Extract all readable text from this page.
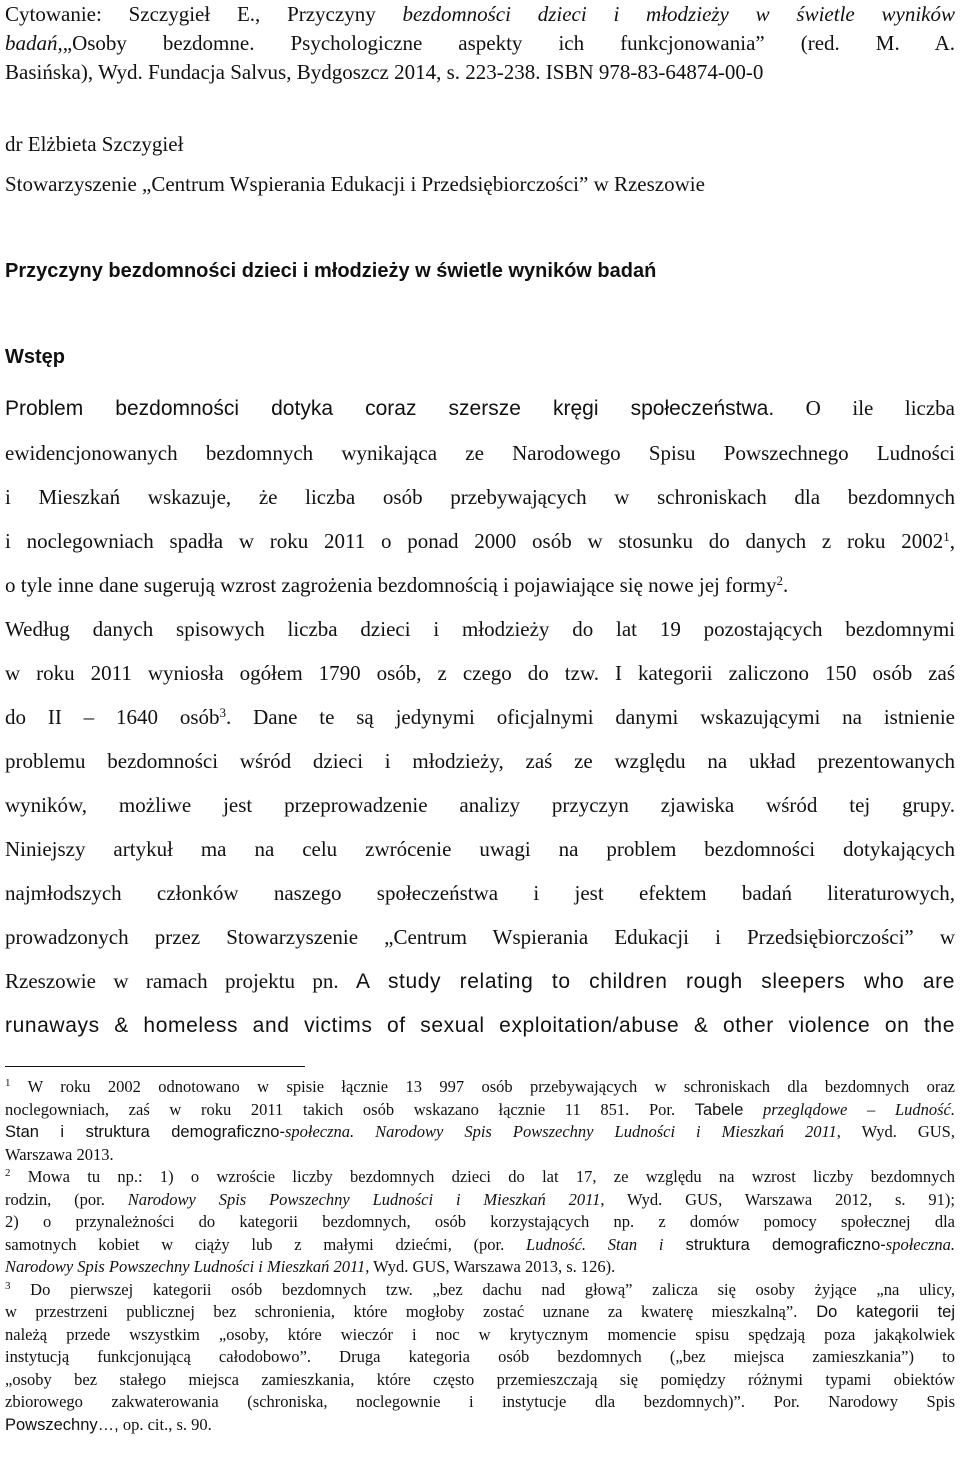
Cytowanie: Szczygieł E., Przyczyny bezdomności dzieci i młodzieży w świetle wyników
badań,„Osoby bezdomne. Psychologiczne aspekty ich funkcjonowania” (red. M. A.
Basińska), Wyd. Fundacja Salvus, Bydgoszcz 2014, s. 223-238. ISBN 978-83-64874-00-0
dr Elżbieta Szczygieł
Stowarzyszenie „Centrum Wspierania Edukacji i Przedsiębiorczości” w Rzeszowie
Przyczyny bezdomności dzieci i młodzieży w świetle wyników badań
Wstęp
Problem bezdomności dotyka coraz szersze kręgi społeczeństwa. O ile liczba
ewidencjonowanych bezdomnych wynikająca ze Narodowego Spisu Powszechnego Ludności
i Mieszkań wskazuje, że liczba osób przebywających w schroniskach dla bezdomnych
i noclegowniach spadła w roku 2011 o ponad 2000 osób w stosunku do danych z roku 2002$^1$,
o tyle inne dane sugerują wzrost zagrożenia bezdomnością i pojawiające się nowe jej formy$^2$.
Według danych spisowych liczba dzieci i młodzieży do lat 19 pozostających bezdomnymi
w roku 2011 wyniosła ogółem 1790 osób, z czego do tzw. I kategorii zaliczono 150 osób zaś
do II – 1640 osób$^3$. Dane te są jedynymi oficjalnymi danymi wskazującymi na istnienie
problemu bezdomności wśród dzieci i młodzieży, zaś ze względu na układ prezentowanych
wyników, możliwe jest przeprowadzenie analizy przyczyn zjawiska wśród tej grupy.
Niniejszy artykuł ma na celu zwrócenie uwagi na problem bezdomności dotykających
najmłodszych członków naszego społeczeństwa i jest efektem badań literaturowych,
prowadzonych przez Stowarzyszenie „Centrum Wspierania Edukacji i Przedsiębiorczości” w
Rzeszowie w ramach projektu pn. A study relating to children rough sleepers who are
runaways & homeless and victims of sexual exploitation/abuse & other violence on the
$^1$ W roku 2002 odnotowano w spisie łącznie 13 997 osób przebywających w schroniskach dla bezdomnych oraz
noclegowniach, zaś w roku 2011 takich osób wskazano łącznie 11 851. Por. Tabele przeglądowe – Ludność.
Stan i struktura demograficzno-społeczna. Narodowy Spis Powszechny Ludności i Mieszkań 2011, Wyd. GUS,
Warszawa 2013.
$^2$ Mowa tu np.: 1) o wzroście liczby bezdomnych dzieci do lat 17, ze względu na wzrost liczby bezdomnych
rodzin, (por. Narodowy Spis Powszechny Ludności i Mieszkań 2011, Wyd. GUS, Warszawa 2012, s. 91);
2) o przynależności do kategorii bezdomnych, osób korzystających np. z domów pomocy społecznej dla
samotnych kobiet w ciąży lub z małymi dziećmi, (por. Ludność. Stan i struktura demograficzno-społeczna.
Narodowy Spis Powszechny Ludności i Mieszkań 2011, Wyd. GUS, Warszawa 2013, s. 126).
$^3$ Do pierwszej kategorii osób bezdomnych tzw. „bez dachu nad głową” zalicza się osoby żyjące „na ulicy,
w przestrzeni publicznej bez schronienia, które mogłoby zostać uznane za kwaterę mieszkalną”. Do kategorii tej
należą przede wszystkim „osoby, które wieczór i noc w krytycznym momencie spisu spędzają poza jakąkolwiek
instytucją funkcjonującą całodobowo”. Druga kategoria osób bezdomnych („bez miejsca zamieszkania”) to
„osoby bez stałego miejsca zamieszkania, które często przemieszczają się pomiędzy różnymi typami obiektów
zbiorowego zakwaterowania (schroniska, noclegownie i instytucje dla bezdomnych)”. Por. Narodowy Spis
Powszechny…, op. cit., s. 90.
